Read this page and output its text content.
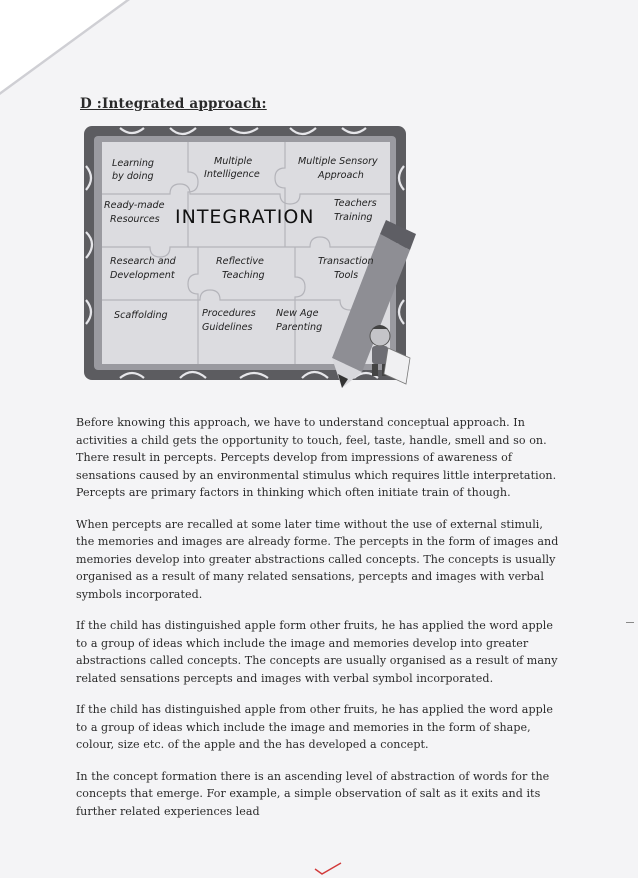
D :Integrated approach:
Learning
by doing
Multiple
Intelligence
Multiple Sensory
Approach
Ready-made
Resources INTEGRATION
Teachers
Training
Research and
Development
Reflective
Teaching
Transaction
Tools
Scaffolding	Procedures
Guidelines
New Age
Parenting

Before knowing this approach, we have to understand conceptual approach. In activities a child gets the opportunity to touch, feel, taste, handle, smell and so on. There result in percepts. Percepts develop from impressions of awareness of sensations caused by an environmental stimulus which requires little interpretation. Percepts are primary factors in thinking which often initiate train of though.

When percepts are recalled at some later time without the use of external stimuli, the memories and images are already forme. The percepts in the form of images and memories develop into greater abstractions called concepts. The concepts is usually organised as a result of many related sensations, percepts and images with verbal symbols incorporated.

If the child has distinguished apple form other fruits, he has applied the word apple to a group of ideas which include the image and memories develop into greater abstractions called concepts. The concepts are usually organised as a result of many related sensations percepts and images with verbal symbol incorporated.

If the child has distinguished apple from other fruits, he has applied the word apple to a group of ideas which include the image and memories in the form of shape, colour, size etc. of the apple and the has developed a concept.

In the concept formation there is an ascending level of abstraction of words for the concepts that emerge. For example, a simple observation of salt as it exits and its further related experiences lead
